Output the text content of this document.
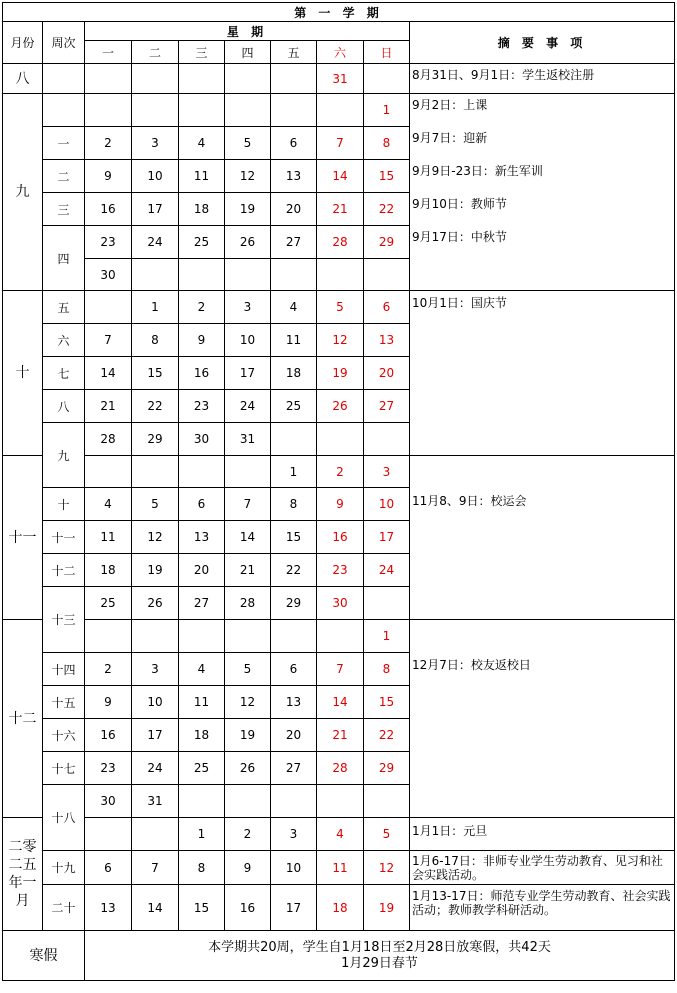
第 一 学 期									
月份	周次	星 期							摘 要 事 项
		一	二	三	四	五	六	日	
八							31		8月31日、9月1日：学生返校注册

九								1	9月2日：上课
9月7日：迎新
9月9日-23日：新生军训
9月10日：教师节
9月17日：中秋节

	一	2	3	4	5	6	7	8	
	二	9	10	11	12	13	14	15	
	三	16	17	18	19	20	21	22	
	四	23	24	25	26	27	28	29	
		30							
十	五		1	2	3	4	5	6	10月1日：国庆节

	六	7	8	9	10	11	12	13	
	七	14	15	16	17	18	19	20	
	八	21	22	23	24	25	26	27	
	九	28	29	30	31				
十一						1	2	3	11月8、9日：校运会

	十	4	5	6	7	8	9	10	
	十一	11	12	13	14	15	16	17	
	十二	18	19	20	21	22	23	24	
	十三	25	26	27	28	29	30		
十二								1	12月7日：校友返校日

	十四	2	3	4	5	6	7	8	
	十五	9	10	11	12	13	14	15	
	十六	16	17	18	19	20	21	22	
	十七	23	24	25	26	27	28	29	
	十八	30	31						
二零二五年一月				1	2	3	4	5	1月1日：元旦

	十九	6	7	8	9	10	11	12	1月6-17日：非师专业学生劳动教育、见习和社会实践活动。

	二十	13	14	15	16	17	18	19	1月13-17日：师范专业学生劳动教育、社会实践活动；教师教学科研活动。

寒假		本学期共20周，学生自1月18日至2月28日放寒假，共42天
1月29日春节							
